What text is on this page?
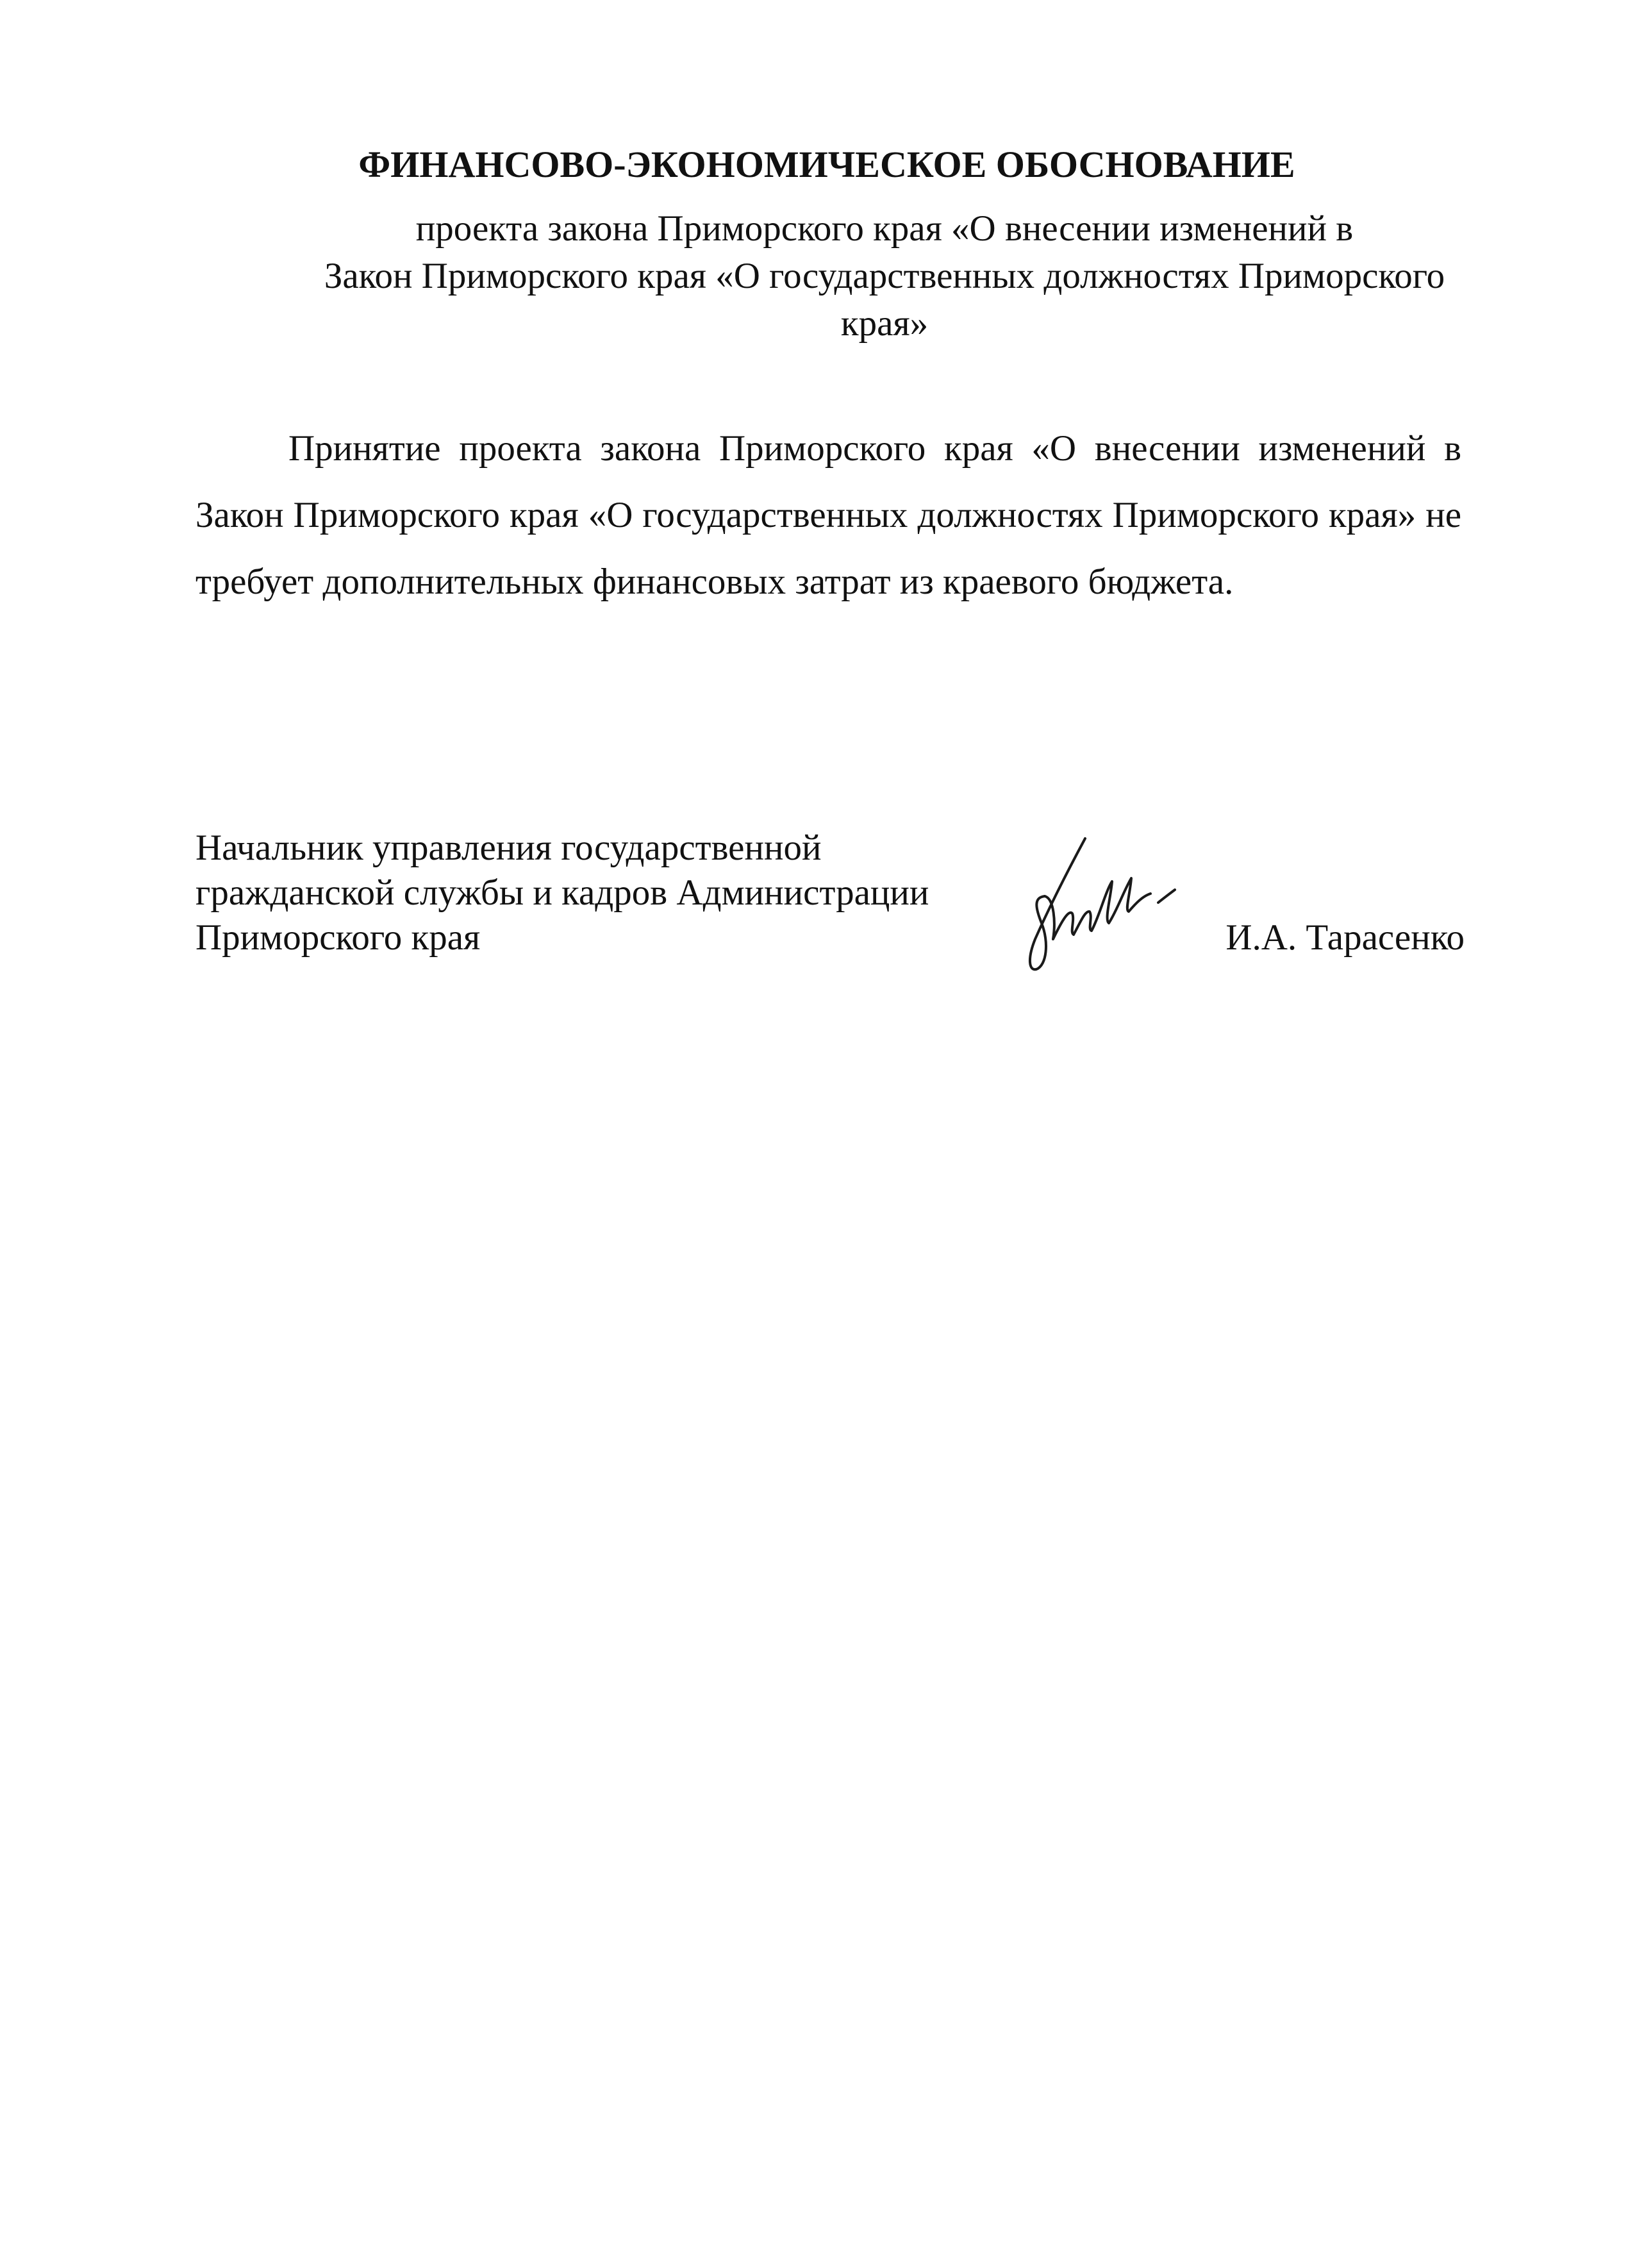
ФИНАНСОВО-ЭКОНОМИЧЕСКОЕ ОБОСНОВАНИЕ

проекта закона Приморского края «О внесении изменений в
Закон Приморского края «О государственных должностях Приморского
края»

Принятие проекта закона Приморского края «О внесении изменений в Закон Приморского края «О государственных должностях Приморского края» не требует дополнительных финансовых затрат из краевого бюджета.

Начальник управления государственной
гражданской службы и кадров Администрации
Приморского края	И.А. Тарасенко
